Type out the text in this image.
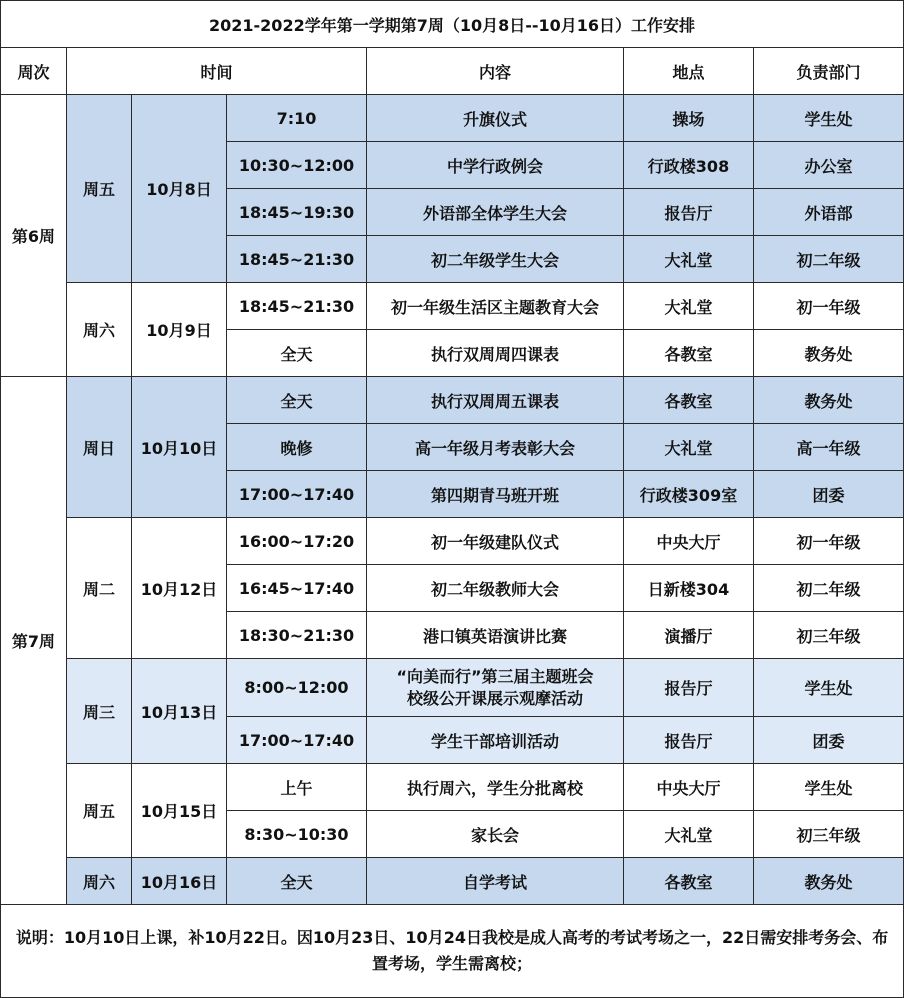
2021-2022学年第一学期第7周（10月8日--10月16日）工作安排						
周次	时间			内容	地点	负责部门
第6周	周五	10月8日	7:10	升旗仪式	操场	学生处
			10:30~12:00	中学行政例会	行政楼308	办公室
			18:45~19:30	外语部全体学生大会	报告厅	外语部
			18:45~21:30	初二年级学生大会	大礼堂	初二年级
	周六	10月9日	18:45~21:30	初一年级生活区主题教育大会	大礼堂	初一年级
			全天	执行双周周四课表	各教室	教务处
第7周	周日	10月10日	全天	执行双周周五课表	各教室	教务处
			晚修	高一年级月考表彰大会	大礼堂	高一年级
			17:00~17:40	第四期青马班开班	行政楼309室	团委
	周二	10月12日	16:00~17:20	初一年级建队仪式	中央大厅	初一年级
			16:45~17:40	初二年级教师大会	日新楼304	初二年级
			18:30~21:30	港口镇英语演讲比赛	演播厅	初三年级
	周三	10月13日	8:00~12:00	“向美而行”第三届主题班会
校级公开课展示观摩活动	报告厅	学生处
			17:00~17:40	学生干部培训活动	报告厅	团委
	周五	10月15日	上午	执行周六，学生分批离校	中央大厅	学生处
			8:30~10:30	家长会	大礼堂	初三年级
	周六	10月16日	全天	自学考试	各教室	教务处
说明：10月10日上课，补10月22日。因10月23日、10月24日我校是成人高考的考试考场之一，22日需安排考务会、布置考场，学生需离校；						
